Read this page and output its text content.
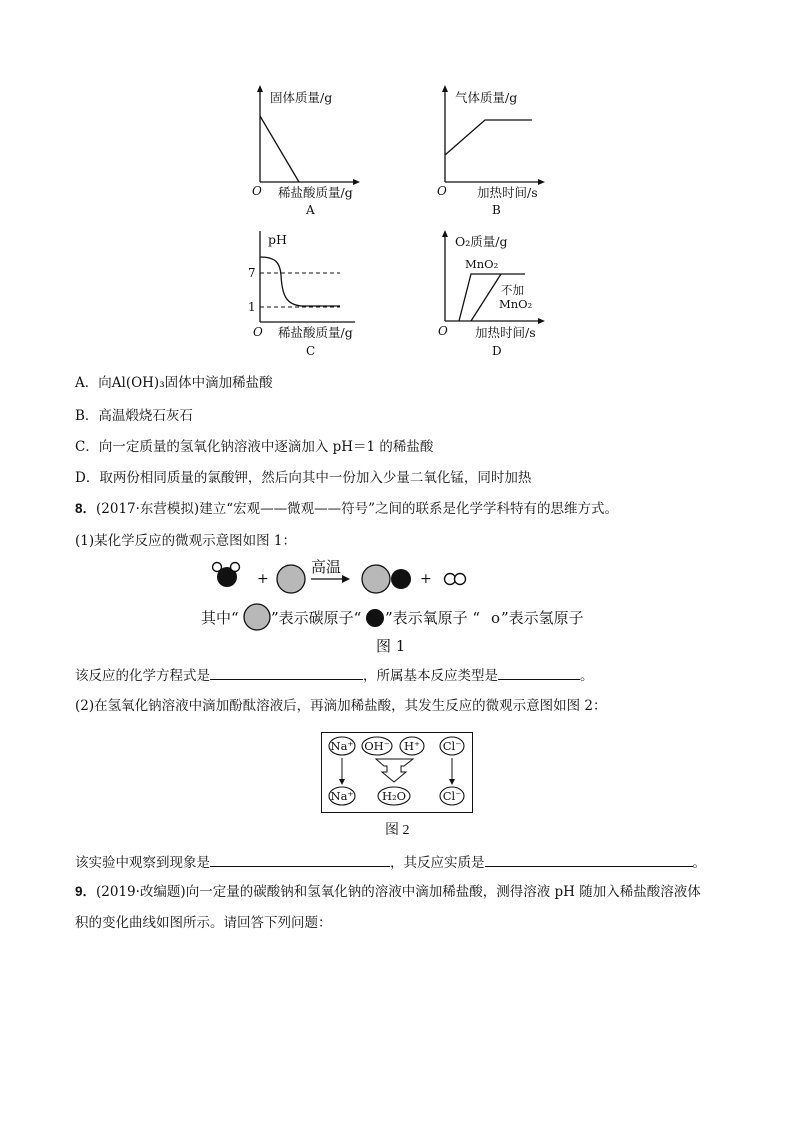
固体质量/g
O 稀盐酸质量/g
A
气体质量/g
O 加热时间/s
B
pH
7
1
O 稀盐酸质量/g
C
O₂质量/g
MnO₂
不加
MnO₂
O 加热时间/s
D
A．向Al(OH)₃固体中滴加稀盐酸
B．高温煅烧石灰石
C．向一定质量的氢氧化钠溶液中逐滴加入 pH＝1 的稀盐酸
D．取两份相同质量的氯酸钾，然后向其中一份加入少量二氧化锰，同时加热
8．(2017·东营模拟)建立“宏观——微观——符号”之间的联系是化学学科特有的思维方式。
(1)某化学反应的微观示意图如图 1：
+
高温
+
其中“ ”表示碳原子“ ”表示氧原子 “ o ”表示氢原子
图 1
该反应的化学方程式是	，所属基本反应类型是	。
(2)在氢氧化钠溶液中滴加酚酞溶液后，再滴加稀盐酸，其发生反应的微观示意图如图 2：
Na⁺ OH⁻ H⁺ Cl⁻
Na⁺ H₂O	Cl⁻
图 2
该实验中观察到现象是	，其反应实质是	。
9．(2019·改编题)向一定量的碳酸钠和氢氧化钠的溶液中滴加稀盐酸，测得溶液 pH 随加入稀盐酸溶液体
积的变化曲线如图所示。请回答下列问题：
